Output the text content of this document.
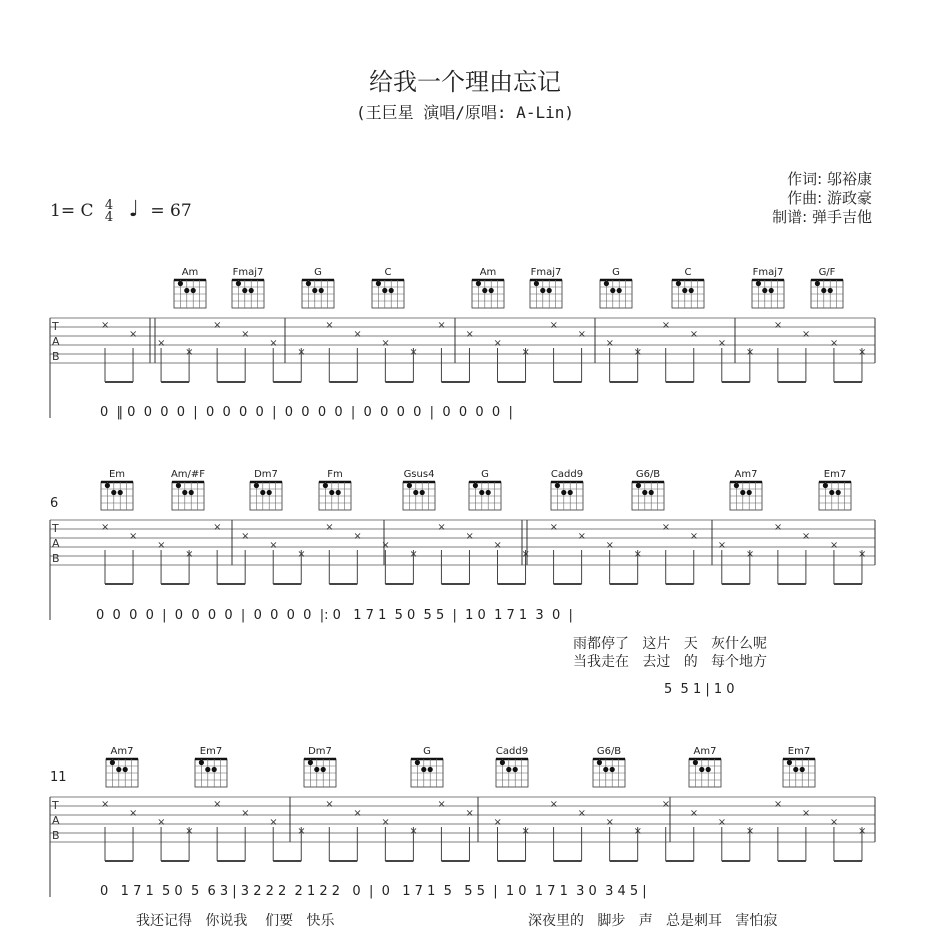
给我一个理由忘记
(王巨星 演唱/原唱: A-Lin)
作词: 邬裕康
作曲: 游政豪
制谱: 弹手吉他
1= C 4
4 ♩ = 67
T
A
B
Am	Fmaj7	G	C	Am	Fmaj7	G	C	Fmaj7	G/F
×
×
×
×
×
×
×
×
×
×
×
×
×
×
×
×
×
×
×
×
×
×
×
×
×
×
×
×
T
A
B
Em	Am/#F	Dm7	Fm	Gsus4	G	Cadd9	G6/B	Am7	Em7
×
×
×
×
×
×
×
×
×
×
×
×
×
×
×
×
×
×
×
×
×
×
×
×
×
×
×
×
T
A
B
Am7	Em7	Dm7	G	Cadd9	G6/B	Am7	Em7
×
×
×
×
×
×
×
×
×
×
×
×
×
×
×
×
×
×
×
×
×
×
×
×
×
×
×
×
6
11
0  ‖ 0  0  0  0  |  0  0  0  0  |  0  0  0  0  |  0  0  0  0  |  0  0  0  0  |
0  0  0  0  |  0  0  0  0  |  0  0  0  0  |: 0   1 7 1  5 0  5 5  |  1 0  1 7 1  3  0  |
0   1 7 1  5 0  5  6 3 | 3 2 2 2  2 1 2 2   0  |  0   1 7 1  5   5 5  |  1 0  1 7 1  3 0  3 4 5 |
雨都停了   这片   天   灰什么呢
当我走在   去过   的   每个地方
5  5 1 | 1 0
我还记得   你说我    们要   快乐	深夜里的   脚步   声   总是刺耳   害怕寂
